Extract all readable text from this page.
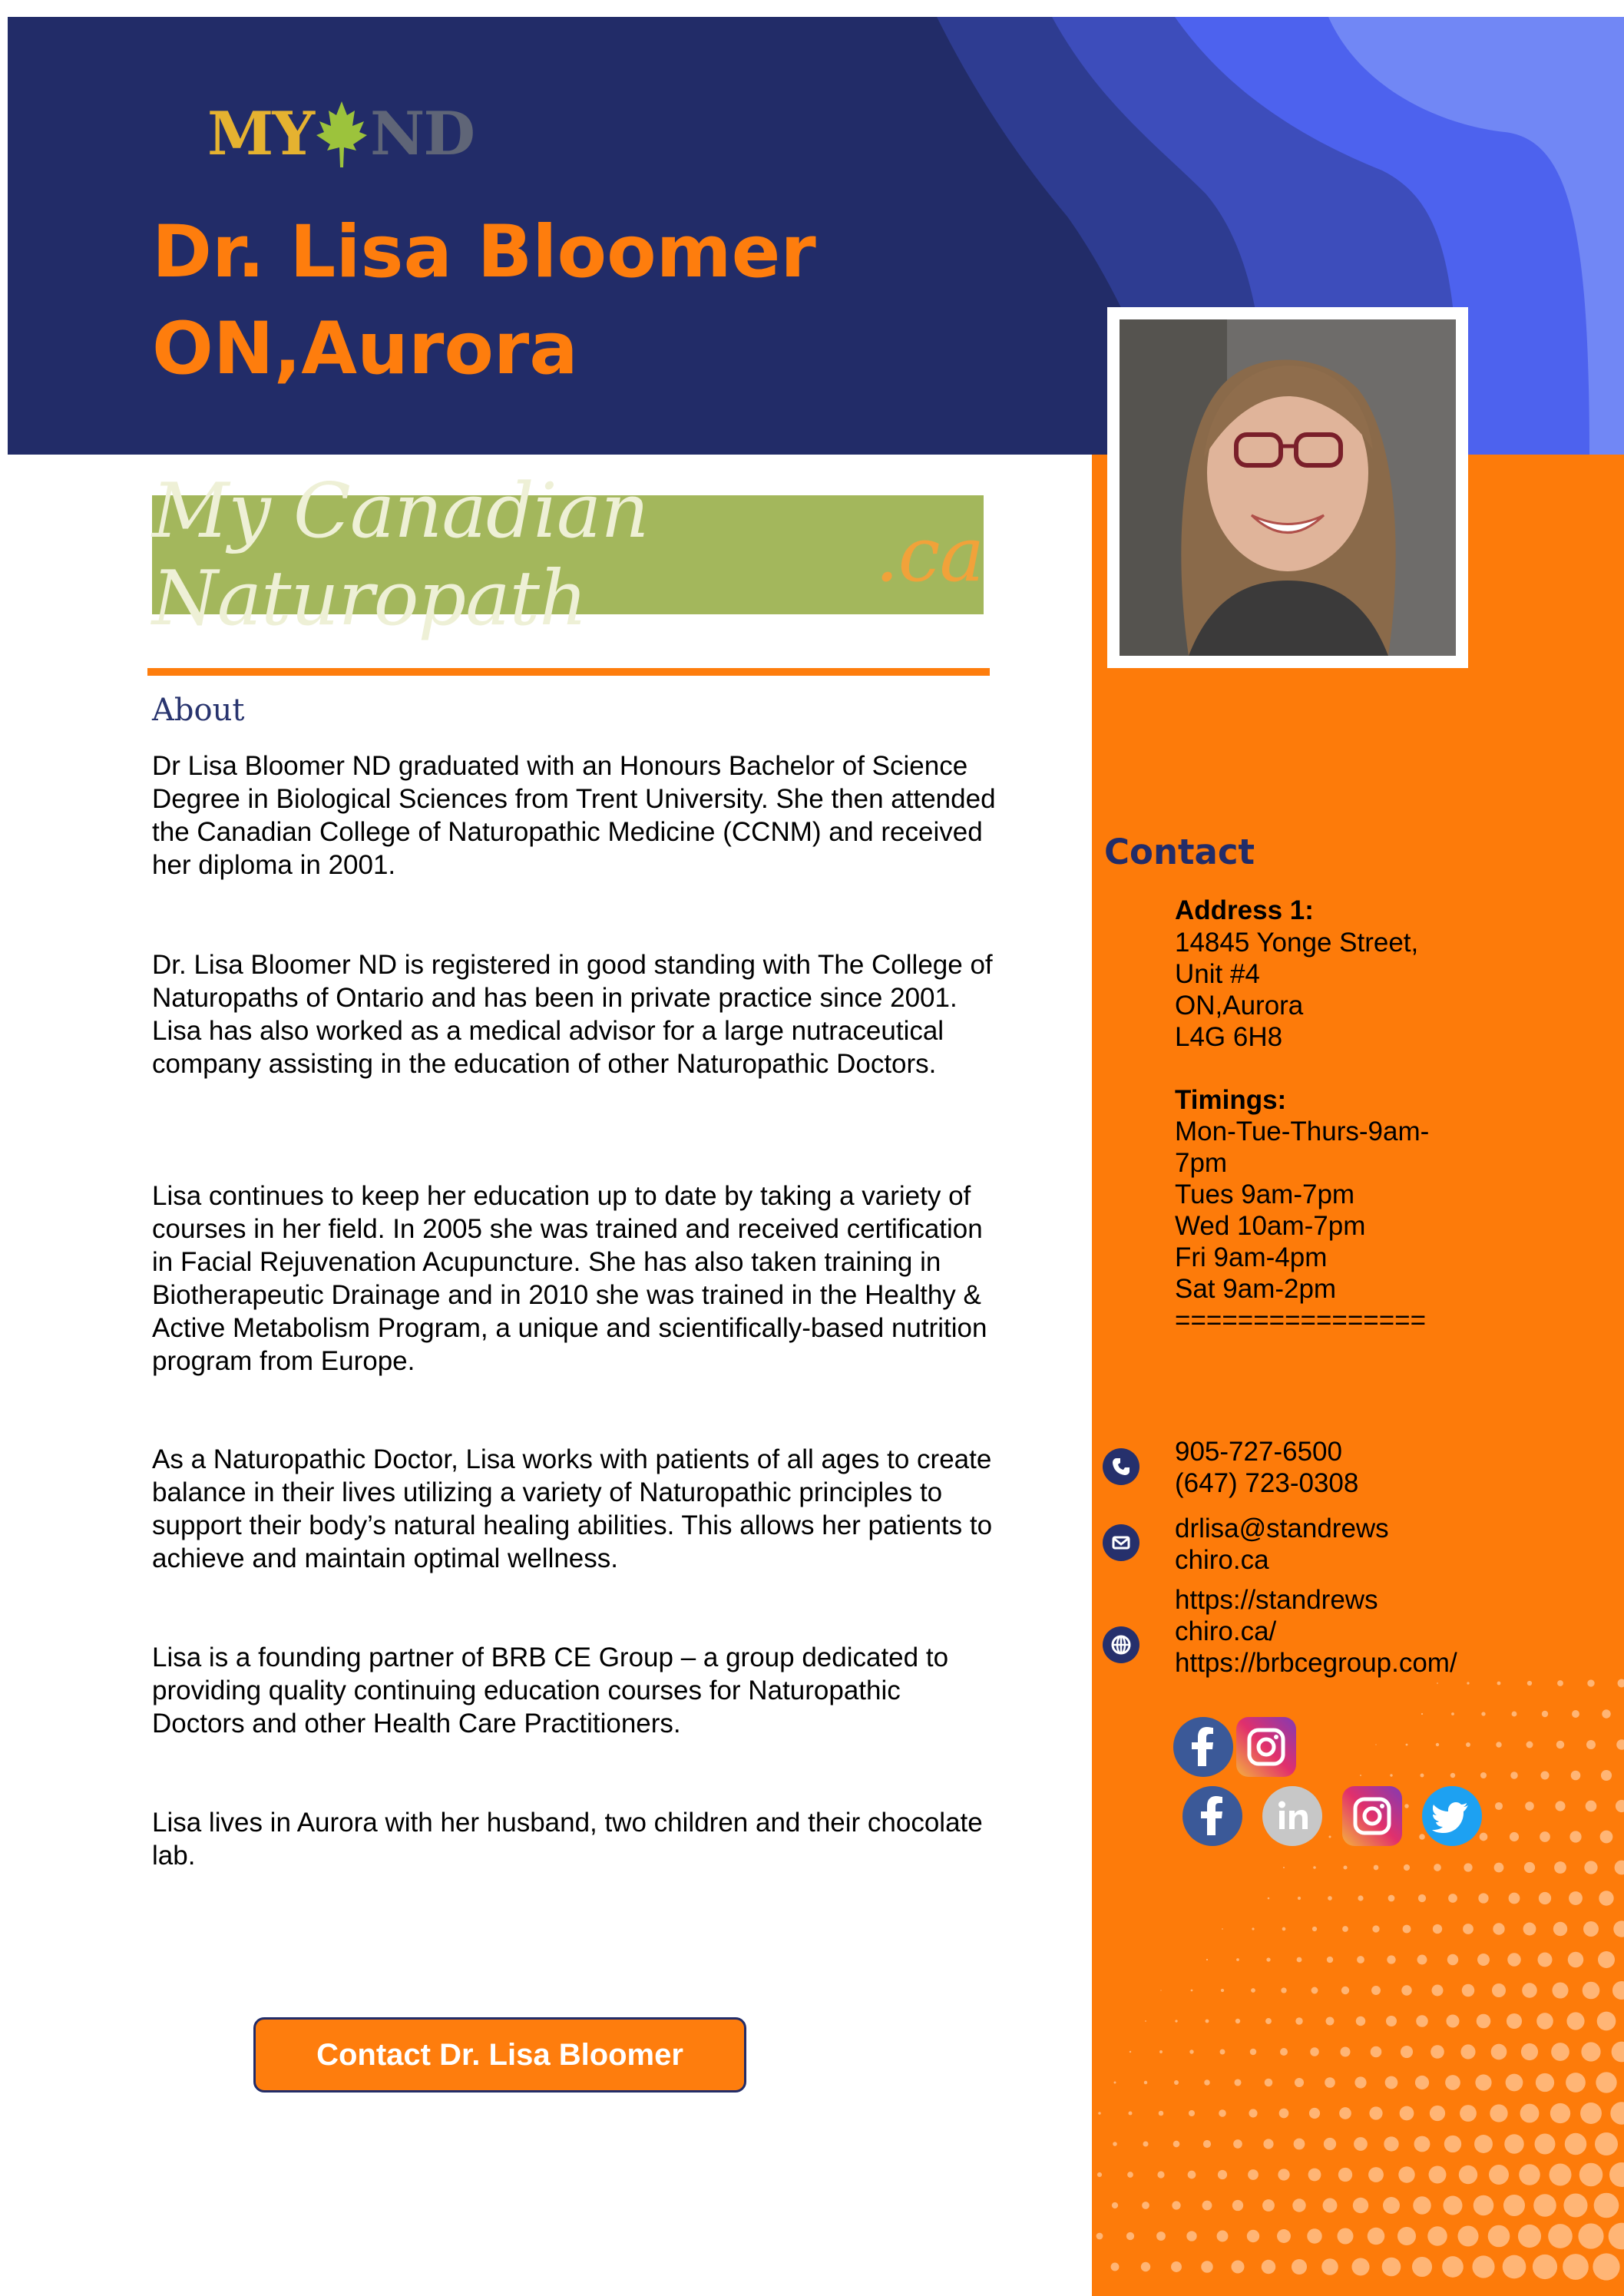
MY ND
Dr. Lisa Bloomer
ON,Aurora
My Canadian Naturopath	.ca
About
Dr Lisa Bloomer ND graduated with an Honours Bachelor of Science Degree in Biological Sciences from Trent University. She then attended the Canadian College of Naturopathic Medicine (CCNM) and received her diploma in 2001.
Dr. Lisa Bloomer ND is registered in good standing with The College of Naturopaths of Ontario and has been in private practice since 2001. Lisa has also worked as a medical advisor for a large nutraceutical company assisting in the education of other Naturopathic Doctors.
Lisa continues to keep her education up to date by taking a variety of courses in her field. In 2005 she was trained and received certification in Facial Rejuvenation Acupuncture. She has also taken training in Biotherapeutic Drainage and in 2010 she was trained in the Healthy & Active Metabolism Program, a unique and scientifically-based nutrition program from Europe.
As a Naturopathic Doctor, Lisa works with patients of all ages to create balance in their lives utilizing a variety of Naturopathic principles to support their body’s natural healing abilities. This allows her patients to achieve and maintain optimal wellness.
Lisa is a founding partner of BRB CE Group – a group dedicated to providing quality continuing education courses for Naturopathic Doctors and other Health Care Practitioners.
Lisa lives in Aurora with her husband, two children and their chocolate lab.
Contact
Address 1:
14845 Yonge Street,
Unit #4
ON,Aurora
L4G 6H8
Timings:
Mon-Tue-Thurs-9am-
7pm
Tues 9am-7pm
Wed 10am-7pm
Fri 9am-4pm
Sat 9am-2pm
================
905-727-6500
(647) 723-0308
drlisa@standrews
chiro.ca
https://standrews
chiro.ca/
https://brbcegroup.com/
Contact Dr. Lisa Bloomer
